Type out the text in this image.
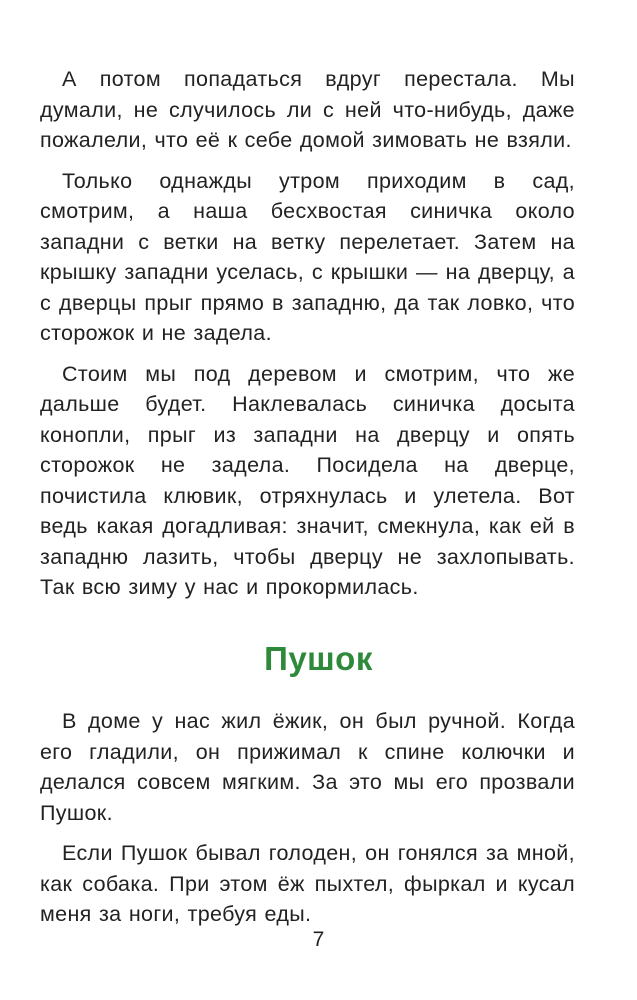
А потом попадаться вдруг перестала. Мы думали, не случилось ли с ней что-нибудь, даже пожалели, что её к себе домой зимовать не взяли.

Только однажды утром приходим в сад, смотрим, а наша бесхвостая синичка около западни с ветки на ветку перелетает. Затем на крышку западни уселась, с крышки — на дверцу, а с дверцы прыг прямо в западню, да так ловко, что сторожок и не задела.

Стоим мы под деревом и смотрим, что же дальше будет. Наклевалась синичка досыта конопли, прыг из западни на дверцу и опять сторожок не задела. Посидела на дверце, почистила клювик, отряхнулась и улетела. Вот ведь какая догадливая: значит, смекнула, как ей в западню лазить, чтобы дверцу не захлопывать. Так всю зиму у нас и прокормилась.

Пушок

В доме у нас жил ёжик, он был ручной. Когда его гладили, он прижимал к спине колючки и делался совсем мягким. За это мы его прозвали Пушок.

Если Пушок бывал голоден, он гонялся за мной, как собака. При этом ёж пыхтел, фыркал и кусал меня за ноги, требуя еды.

7
